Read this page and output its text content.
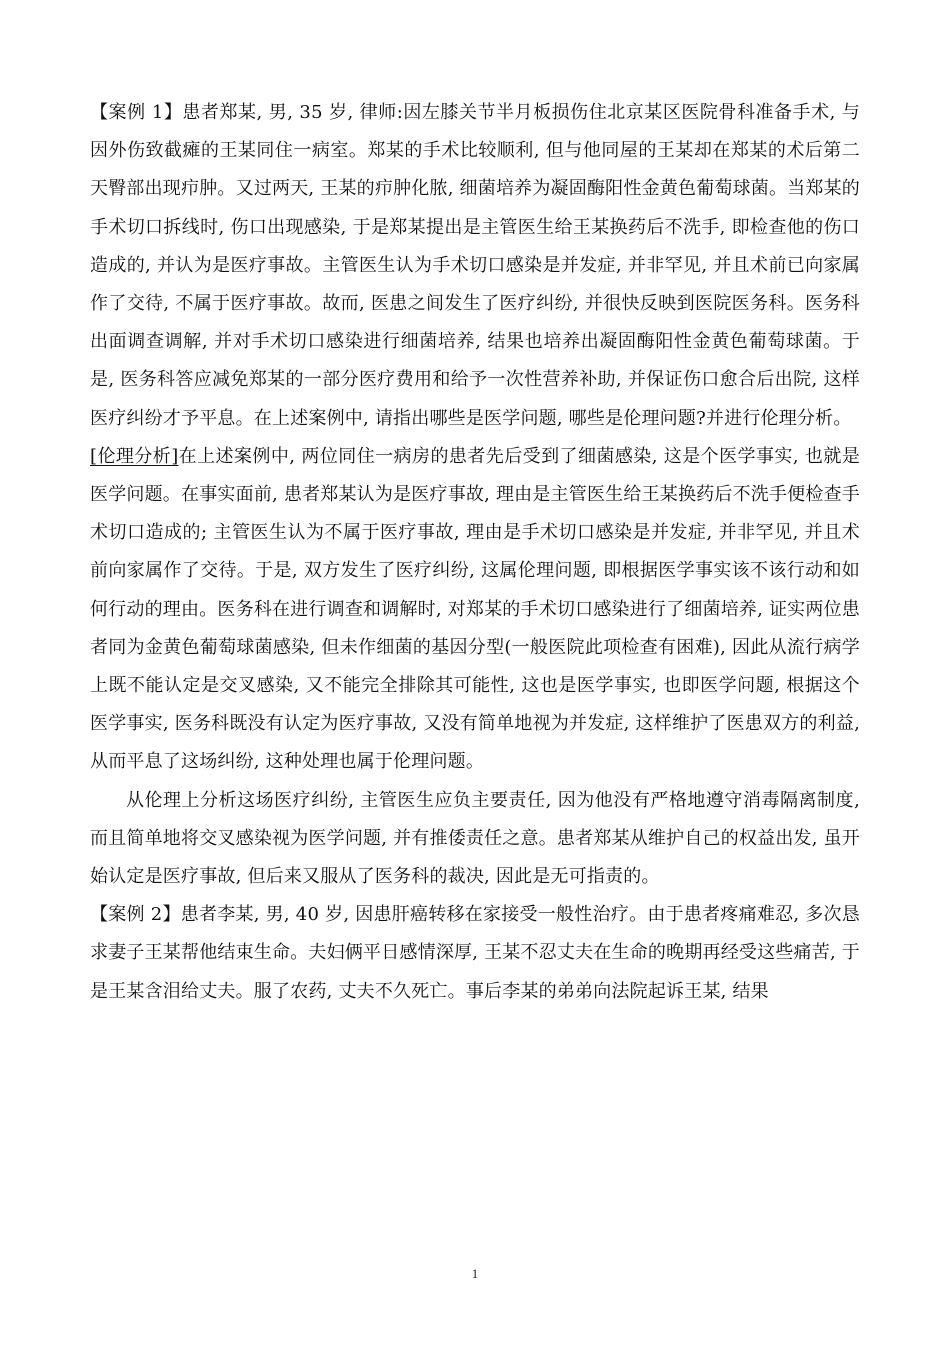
【案例 1】患者郑某, 男, 35 岁, 律师:因左膝关节半月板损伤住北京某区医院骨科准备手术, 与因外伤致截瘫的王某同住一病室。郑某的手术比较顺利, 但与他同屋的王某却在郑某的术后第二天臀部出现疖肿。又过两天, 王某的疖肿化脓, 细菌培养为凝固酶阳性金黄色葡萄球菌。当郑某的手术切口拆线时, 伤口出现感染, 于是郑某提出是主管医生给王某换药后不洗手, 即检查他的伤口造成的, 并认为是医疗事故。主管医生认为手术切口感染是并发症, 并非罕见, 并且术前已向家属作了交待, 不属于医疗事故。故而, 医患之间发生了医疗纠纷, 并很快反映到医院医务科。医务科出面调查调解, 并对手术切口感染进行细菌培养, 结果也培养出凝固酶阳性金黄色葡萄球菌。于是, 医务科答应减免郑某的一部分医疗费用和给予一次性营养补助, 并保证伤口愈合后出院, 这样医疗纠纷才予平息。在上述案例中, 请指出哪些是医学问题, 哪些是伦理问题?并进行伦理分析。

[伦理分析]在上述案例中, 两位同住一病房的患者先后受到了细菌感染, 这是个医学事实, 也就是医学问题。在事实面前, 患者郑某认为是医疗事故, 理由是主管医生给王某换药后不洗手便检查手术切口造成的; 主管医生认为不属于医疗事故, 理由是手术切口感染是并发症, 并非罕见, 并且术前向家属作了交待。于是, 双方发生了医疗纠纷, 这属伦理问题, 即根据医学事实该不该行动和如何行动的理由。医务科在进行调查和调解时, 对郑某的手术切口感染进行了细菌培养, 证实两位患者同为金黄色葡萄球菌感染, 但未作细菌的基因分型(一般医院此项检查有困难), 因此从流行病学上既不能认定是交叉感染, 又不能完全排除其可能性, 这也是医学事实, 也即医学问题, 根据这个医学事实, 医务科既没有认定为医疗事故, 又没有简单地视为并发症, 这样维护了医患双方的利益, 从而平息了这场纠纷, 这种处理也属于伦理问题。

从伦理上分析这场医疗纠纷, 主管医生应负主要责任, 因为他没有严格地遵守消毒隔离制度, 而且简单地将交叉感染视为医学问题, 并有推倭责任之意。患者郑某从维护自己的权益出发, 虽开始认定是医疗事故, 但后来又服从了医务科的裁决, 因此是无可指责的。

【案例 2】患者李某, 男, 40 岁, 因患肝癌转移在家接受一般性治疗。由于患者疼痛难忍, 多次恳求妻子王某帮他结束生命。夫妇俩平日感情深厚, 王某不忍丈夫在生命的晚期再经受这些痛苦, 于是王某含泪给丈夫。服了农药, 丈夫不久死亡。事后李某的弟弟向法院起诉王某, 结果

1
